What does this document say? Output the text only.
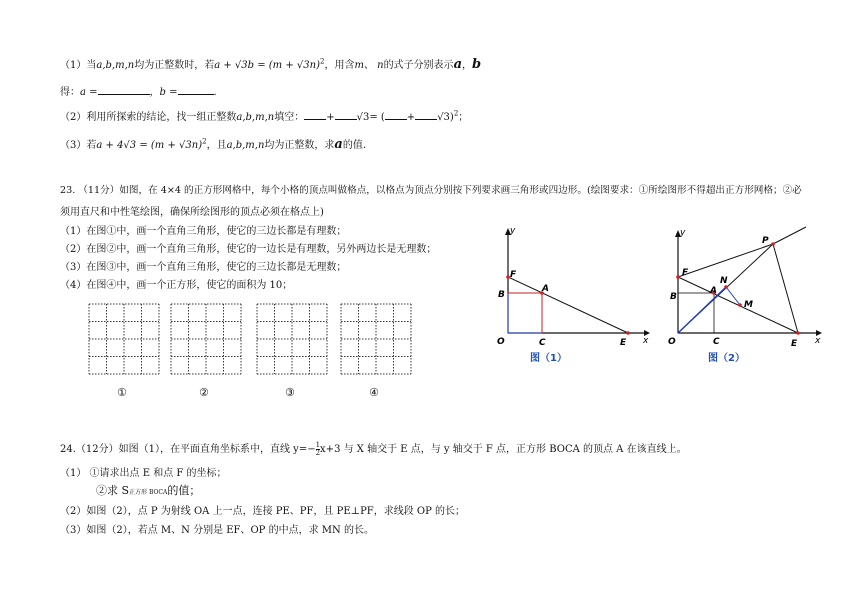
（1）当a,b,m,n均为正整数时，若$a + √3b = (m + √3n)^2$，用含m、 n的式子分别表示a，b
得：a =	，b =	.
（2）利用所探索的结论，找一组正整数a,b,m,n填空： + √3= ( + √3)$^2$；
（3）若$a + 4√3 = (m + √3n)^2$，且a,b,m,n均为正整数，求a的值.
23. （11分）如图，在 4×4 的正方形网格中，每个小格的顶点叫做格点，以格点为顶点分别按下列要求画三角形或四边形。(绘图要求：①所绘图形不得超出正方形网格；②必
须用直尺和中性笔绘图，确保所绘图形的顶点必须在格点上)
（1）在图①中，画一个直角三角形，使它的三边长都是有理数；
（2）在图②中，画一个直角三角形，使它的一边长是有理数，另外两边长是无理数；
（3）在图③中，画一个直角三角形，使它的三边长都是无理数；
（4）在图④中，画一个正方形，使它的面积为 10；
①	②	③	④
y
x
O
F
B
A
C	E
图（1）
y
x
O
F
B
A
C	E
P
N
M
图（2）
24.（12分）如图（1），在平面直角坐标系中，直线 $y=- \frac{1}{2} x+3$ 与 X 轴交于 E 点，与 y 轴交于 F 点，正方形 BOCA 的顶点 A 在该直线上。
（1） ①请求出点 E 和点 F 的坐标；
②求 S正方形 BOCA的值；
（2）如图（2），点 P 为射线 OA 上一点，连接 PE、PF，且 PE⊥PF，求线段 OP 的长；
（3）如图（2），若点 M、N 分别是 EF、OP 的中点，求 MN 的长。
